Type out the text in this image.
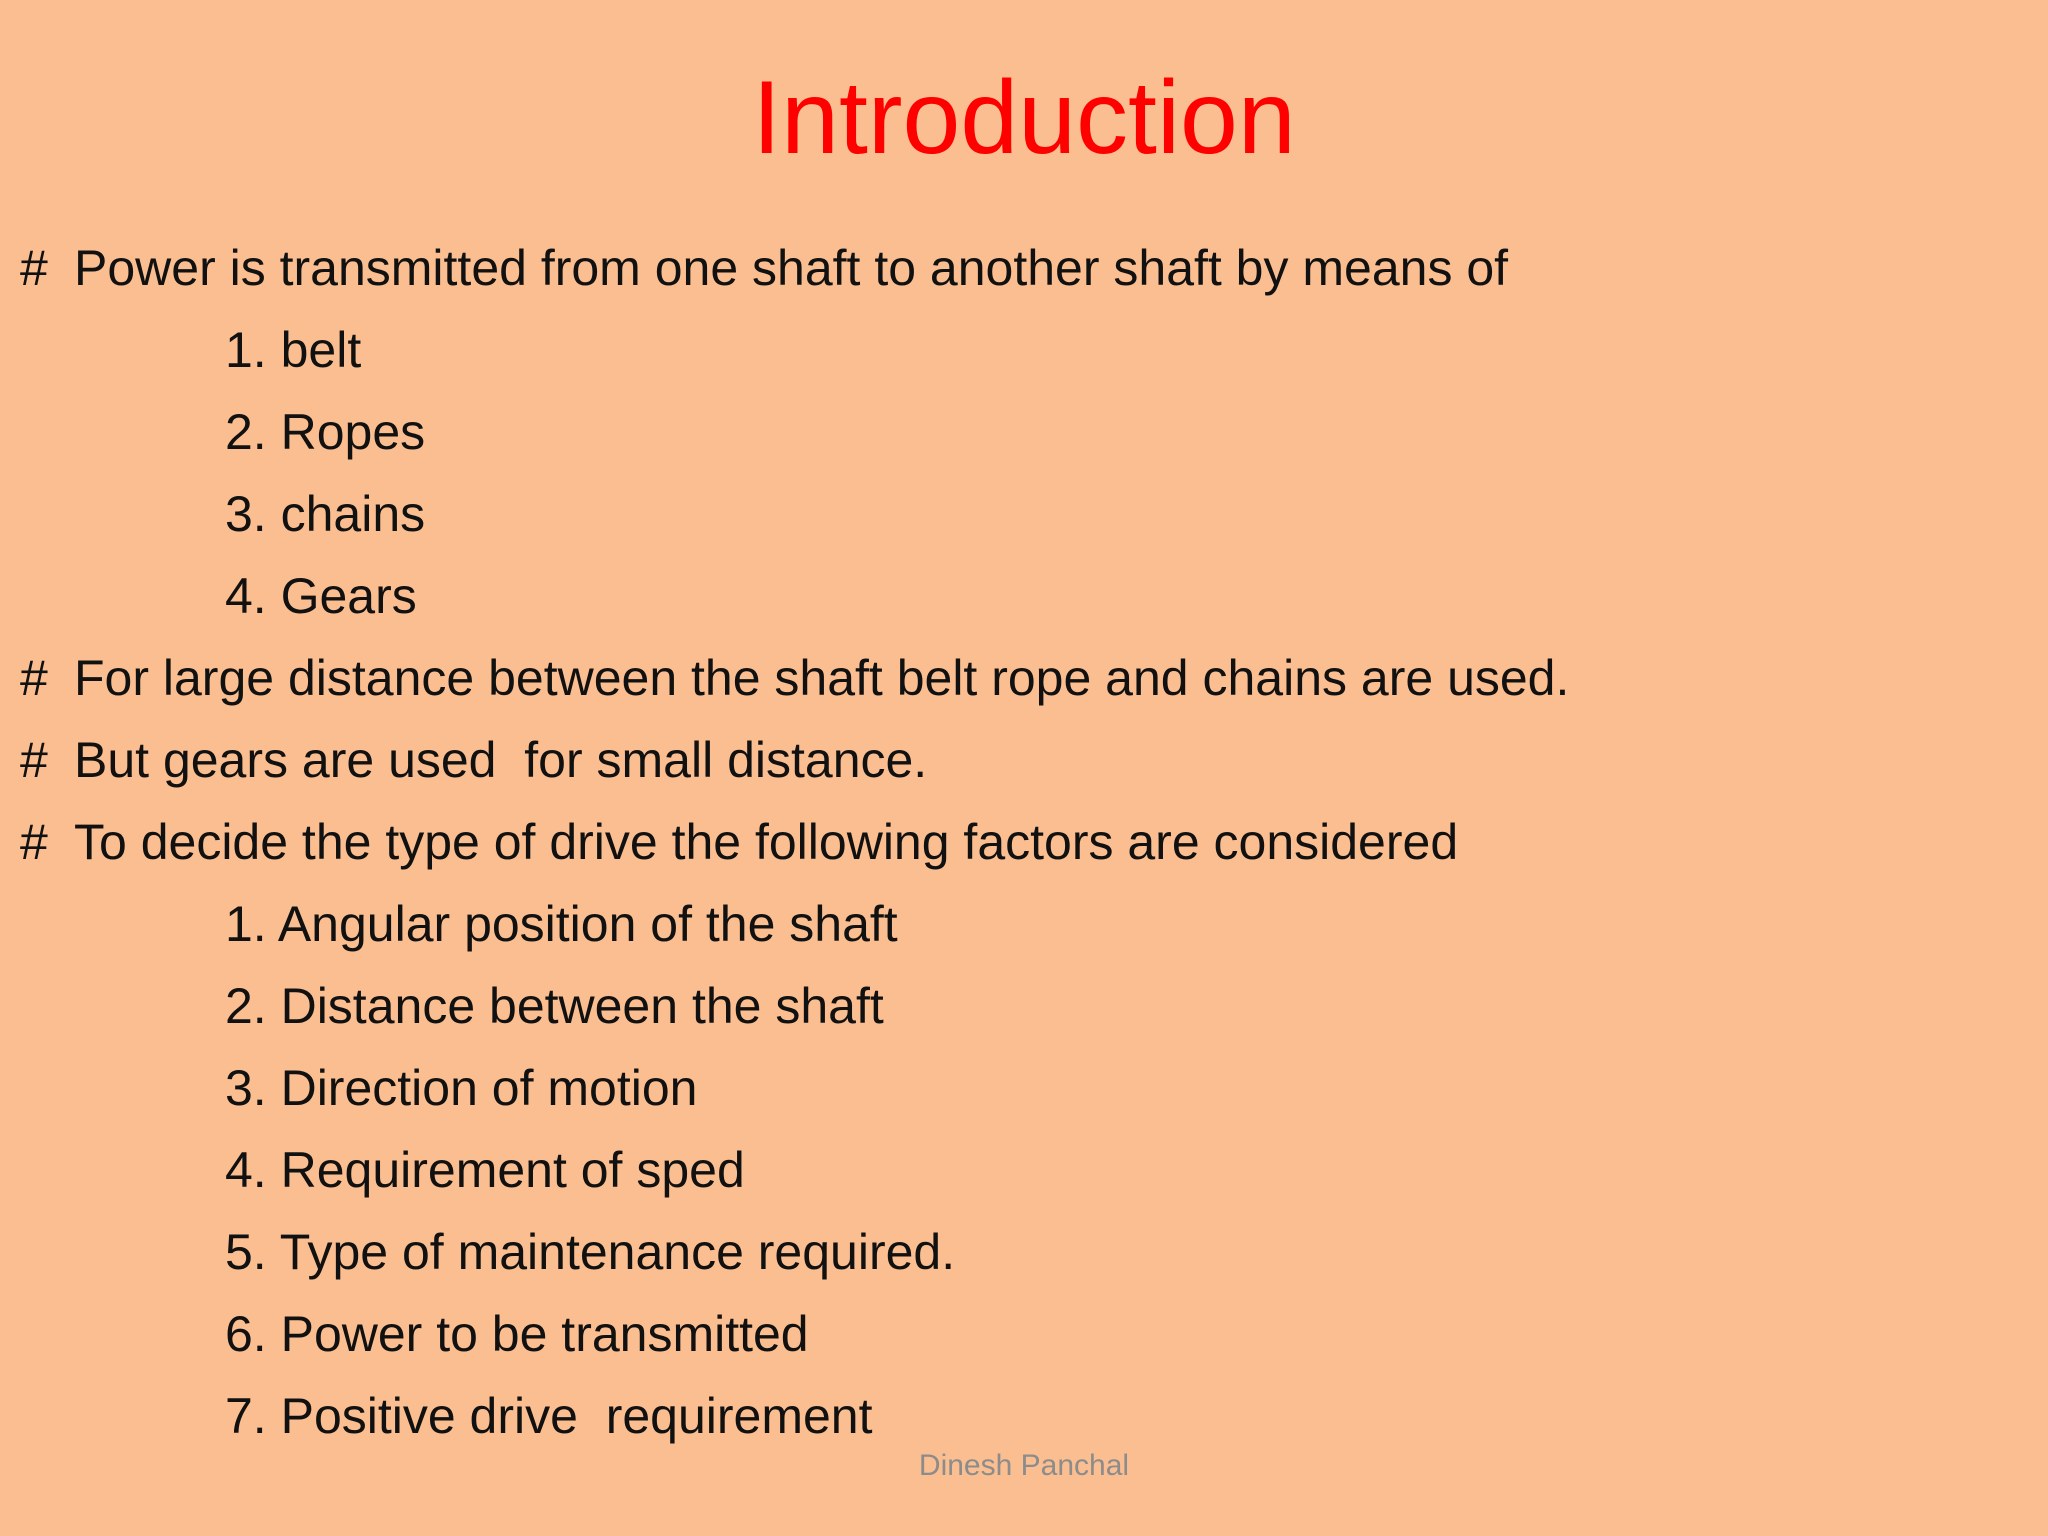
Introduction
# Power is transmitted from one shaft to another shaft by means of
1. belt
2. Ropes
3. chains
4. Gears
# For large distance between the shaft belt rope and chains are used.
# But gears are used  for small distance.
# To decide the type of drive the following factors are considered
1. Angular position of the shaft
2. Distance between the shaft
3. Direction of motion
4. Requirement of sped
5. Type of maintenance required.
6. Power to be transmitted
7. Positive drive  requirement
Dinesh Panchal
